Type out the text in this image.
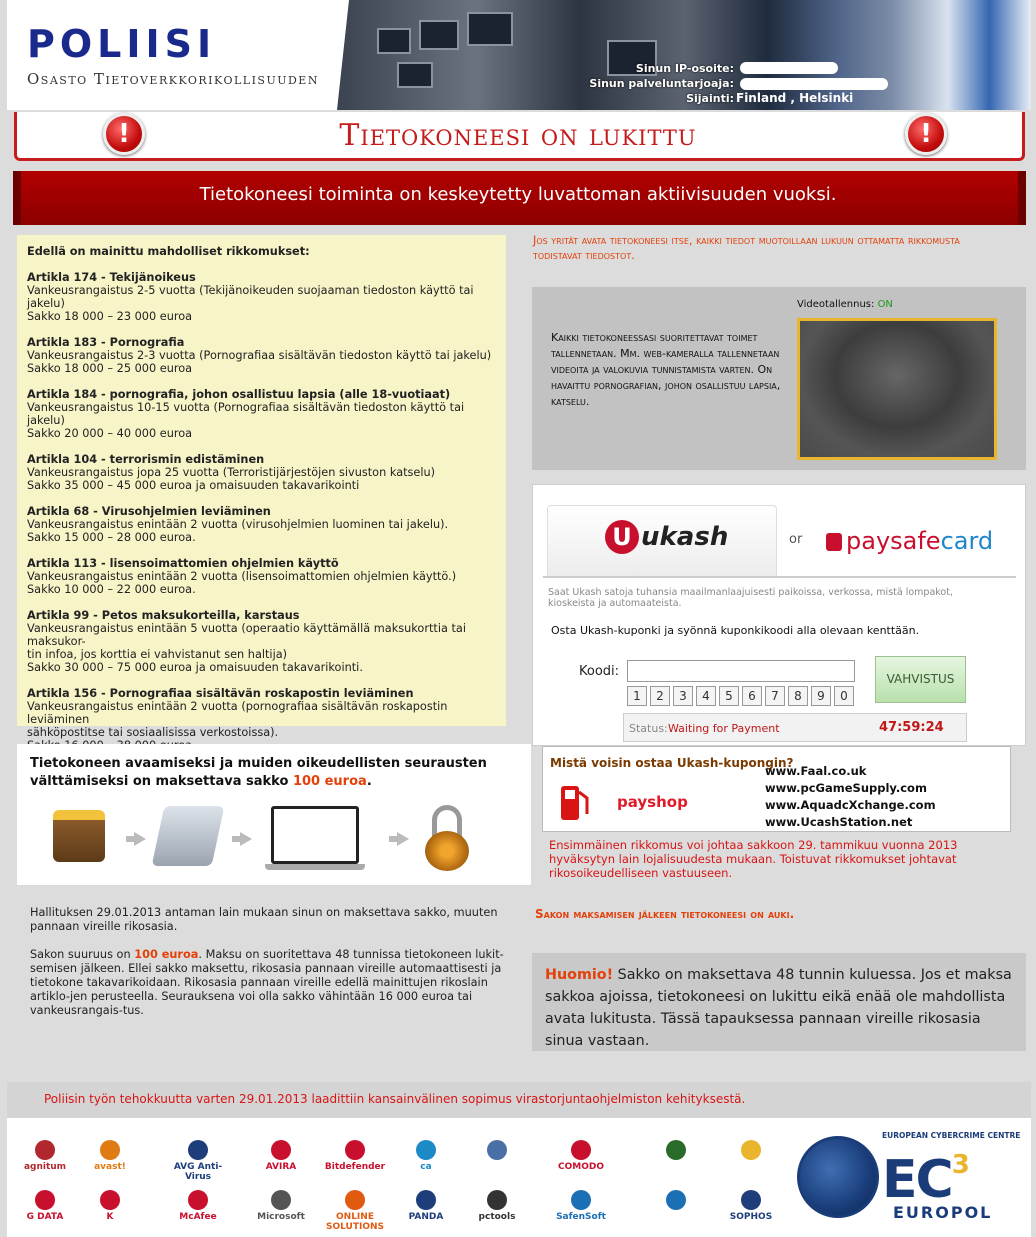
POLIISI
Osasto Tietoverkkorikollisuuden
Sinun IP-osoite:
Sinun palveluntarjoaja:
Sijainti: Finland , Helsinki
!	!
Tietokoneesi on lukittu
Tietokoneesi toiminta on keskeytetty luvattoman aktiivisuuden vuoksi.
Edellä on mainittu mahdolliset rikkomukset:
Artikla 174 - Tekijänoikeus
Vankeusrangaistus 2-5 vuotta (Tekijänoikeuden suojaaman tiedoston käyttö tai jakelu)
Sakko 18 000 – 23 000 euroa
Artikla 183 - Pornografia
Vankeusrangaistus 2-3 vuotta (Pornografiaa sisältävän tiedoston käyttö tai jakelu)
Sakko 18 000 – 25 000 euroa
Artikla 184 - pornografia, johon osallistuu lapsia (alle 18-vuotiaat)
Vankeusrangaistus 10-15 vuotta (Pornografiaa sisältävän tiedoston käyttö tai jakelu)
Sakko 20 000 – 40 000 euroa
Artikla 104 - terrorismin edistäminen
Vankeusrangaistus jopa 25 vuotta (Terroristijärjestöjen sivuston katselu)
Sakko 35 000 – 45 000 euroa ja omaisuuden takavarikointi
Artikla 68 - Virusohjelmien leviäminen
Vankeusrangaistus enintään 2 vuotta (virusohjelmien luominen tai jakelu).
Sakko 15 000 – 28 000 euroa.
Artikla 113 - lisensoimattomien ohjelmien käyttö
Vankeusrangaistus enintään 2 vuotta (lisensoimattomien ohjelmien käyttö.)
Sakko 10 000 – 22 000 euroa.
Artikla 99 - Petos maksukorteilla, karstaus
Vankeusrangaistus enintään 5 vuotta (operaatio käyttämällä maksukorttia tai maksukor-
tin infoa, jos korttia ei vahvistanut sen haltija)
Sakko 30 000 – 75 000 euroa ja omaisuuden takavarikointi.
Artikla 156 - Pornografiaa sisältävän roskapostin leviäminen
Vankeusrangaistus enintään 2 vuotta (pornografiaa sisältävän roskapostin leviäminen
sähköpostitse tai sosiaalisissa verkostoissa).

Jos yrität avata tietokoneesi itse, kaikki tiedot muotoillaan lukuun ottamatta rikkomusta todistavat tiedostot.
Kaikki tietokoneessasi suoritettavat toimet tallennetaan. Mm. web-kameralla tallennetaan videoita ja valokuvia tunnistamista varten. On havaittu pornografian, johon osallistuu lapsia, katselu.
Videotallennus: ON
U ukash	or	paysafecard
Saat Ukash satoja tuhansia maailmanlaajuisesti paikoissa, verkossa, mistä lompakot, kioskeista ja automaateista.
Osta Ukash-kuponki ja syönnä kuponkikoodi alla olevaan kenttään.
Koodi:	VAHVISTUS
1	2	3	4	5	6	7	8	9	0
Status: Waiting for Payment	47:59:24
Tietokoneen avaamiseksi ja muiden oikeudellisten seurausten välttämiseksi on maksettava sakko 100 euroa.
Mistä voisin ostaa Ukash-kupongin?
payshop
www.Faal.co.uk
www.pcGameSupply.com
www.AquadcXchange.com
www.UcashStation.net
Ensimmäinen rikkomus voi johtaa sakkoon 29. tammikuu vuonna 2013 hyväksytyn lain lojalisuudesta mukaan. Toistuvat rikkomukset johtavat rikosoikeudelliseen vastuuseen.

Hallituksen 29.01.2013 antaman lain mukaan sinun on maksettava sakko, muuten pannaan vireille rikosasia.

Sakon suuruus on 100 euroa. Maksu on suoritettava 48 tunnissa tietokoneen lukit-semisen jälkeen. Ellei sakko maksettu, rikosasia pannaan vireille automaattisesti ja tietokone takavarikoidaan. Rikosasia pannaan vireille edellä mainittujen rikoslain artiklo-jen perusteella. Seurauksena voi olla sakko vähintään 16 000 euroa tai vankeusrangais-tus.

Sakon maksamisen jälkeen tietokoneesi on auki.
Huomio! Sakko on maksettava 48 tunnin kuluessa. Jos et maksa sakkoa ajoissa, tietokoneesi on lukittu eikä enää ole mahdollista avata lukitusta. Tässä tapauksessa pannaan vireille rikosasia sinua vastaan.
Poliisin työn tehokkuutta varten 29.01.2013 laadittiin kansainvälinen sopimus virastorjuntaohjelmiston kehityksestä.
agnitum	avast!	AVG Anti-Virus
AVIRA	Bitdefender	ca	COMODO
G DATA	K	McAfee	Microsoft	ONLINE SOLUTIONS
PANDA	pctools	SafenSoft	SOPHOS
EUROPEAN CYBERCRIME CENTRE
$EC^3$
EUROPOL
